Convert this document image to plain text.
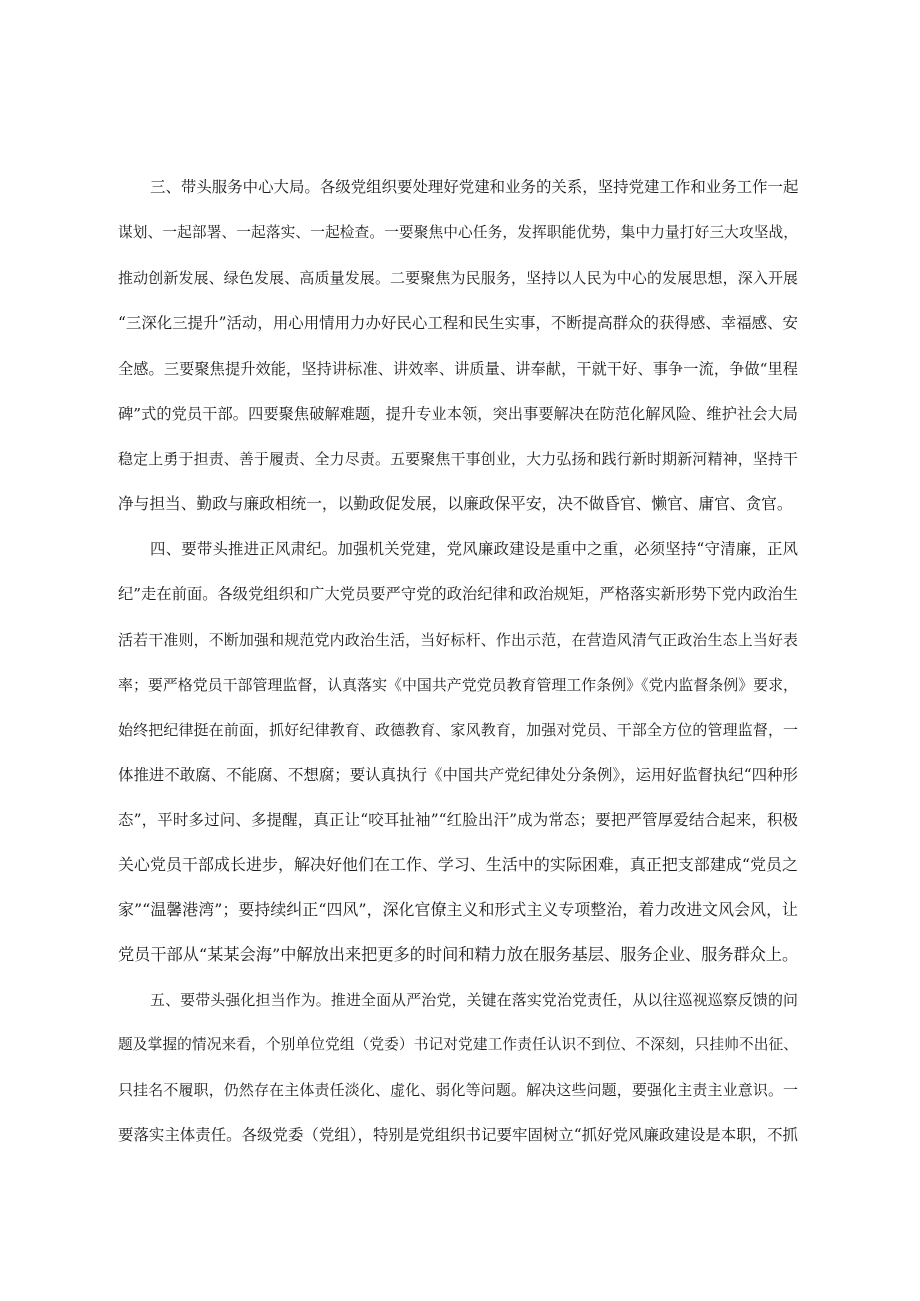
三、带头服务中心大局。各级党组织要处理好党建和业务的关系，坚持党建工作和业务工作一起
谋划、一起部署、一起落实、一起检查。一要聚焦中心任务，发挥职能优势，集中力量打好三大攻坚战，
推动创新发展、绿色发展、高质量发展。二要聚焦为民服务，坚持以人民为中心的发展思想，深入开展
“三深化三提升”活动，用心用情用力办好民心工程和民生实事，不断提高群众的获得感、幸福感、安
全感。三要聚焦提升效能，坚持讲标准、讲效率、讲质量、讲奉献，干就干好、事争一流，争做“里程
碑”式的党员干部。四要聚焦破解难题，提升专业本领，突出事要解决在防范化解风险、维护社会大局
稳定上勇于担责、善于履责、全力尽责。五要聚焦干事创业，大力弘扬和践行新时期新河精神，坚持干
净与担当、勤政与廉政相统一，以勤政促发展，以廉政保平安，决不做昏官、懒官、庸官、贪官。
四、要带头推进正风肃纪。加强机关党建，党风廉政建设是重中之重，必须坚持“守清廉，正风
纪”走在前面。各级党组织和广大党员要严守党的政治纪律和政治规矩，严格落实新形势下党内政治生
活若干准则，不断加强和规范党内政治生活，当好标杆、作出示范，在营造风清气正政治生态上当好表
率；要严格党员干部管理监督，认真落实《中国共产党党员教育管理工作条例》《党内监督条例》要求，
始终把纪律挺在前面，抓好纪律教育、政德教育、家风教育，加强对党员、干部全方位的管理监督，一
体推进不敢腐、不能腐、不想腐；要认真执行《中国共产党纪律处分条例》，运用好监督执纪“四种形
态”，平时多过问、多提醒，真正让“咬耳扯袖”“红脸出汗”成为常态；要把严管厚爱结合起来，积极
关心党员干部成长进步，解决好他们在工作、学习、生活中的实际困难，真正把支部建成“党员之
家”“温馨港湾”；要持续纠正“四风”，深化官僚主义和形式主义专项整治，着力改进文风会风，让
党员干部从“某某会海”中解放出来把更多的时间和精力放在服务基层、服务企业、服务群众上。
五、要带头强化担当作为。推进全面从严治党，关键在落实党治党责任，从以往巡视巡察反馈的问
题及掌握的情况来看，个别单位党组（党委）书记对党建工作责任认识不到位、不深刻，只挂帅不出征、
只挂名不履职，仍然存在主体责任淡化、虚化、弱化等问题。解决这些问题，要强化主责主业意识。一
要落实主体责任。各级党委（党组），特别是党组织书记要牢固树立“抓好党风廉政建设是本职，不抓
